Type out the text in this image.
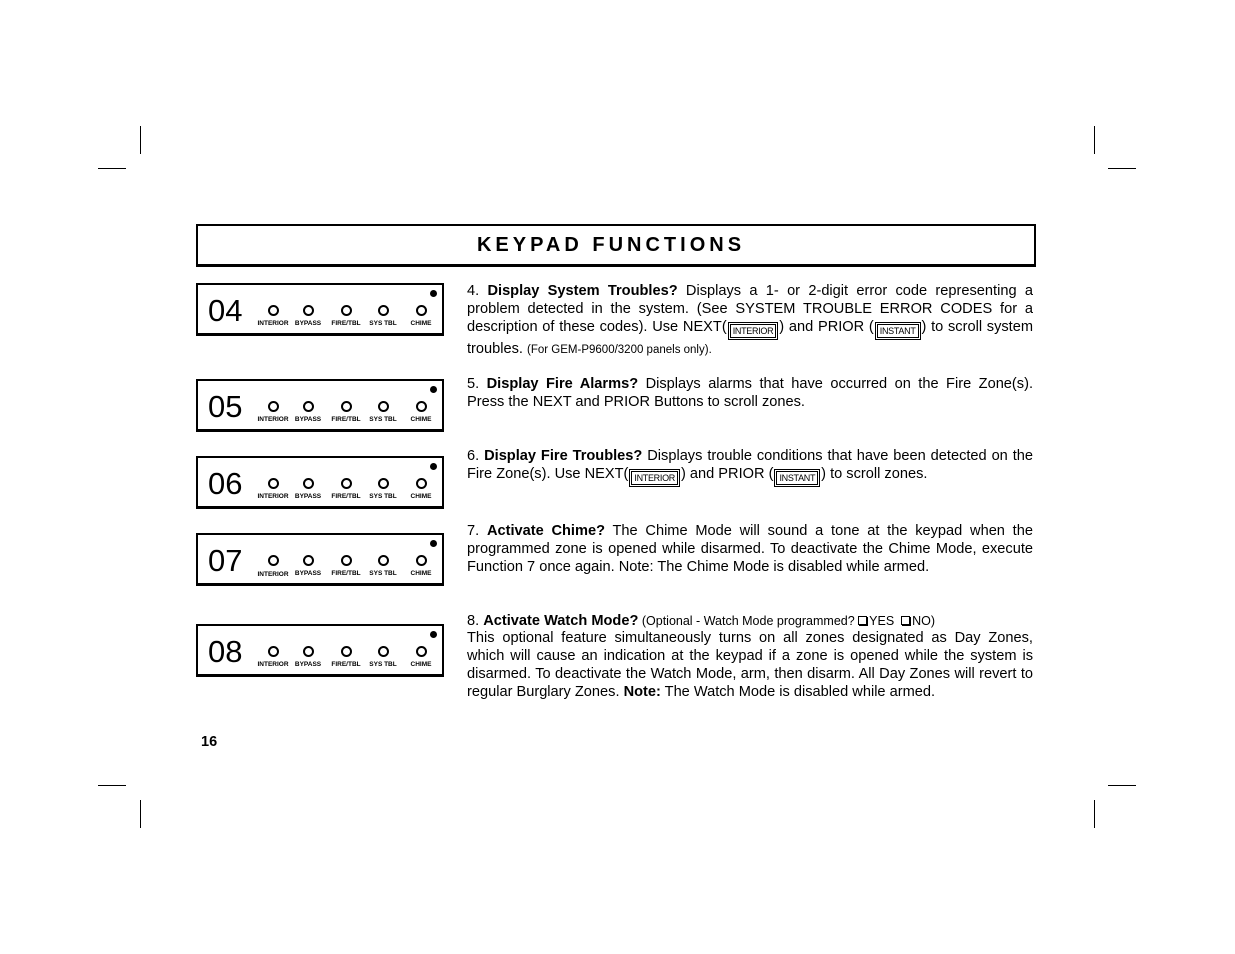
KEYPAD FUNCTIONS
04 INTERIOR BYPASS FIRE/TBL SYS TBL CHIME
05 INTERIOR BYPASS FIRE/TBL SYS TBL CHIME
06 INTERIOR BYPASS FIRE/TBL SYS TBL CHIME
07 INTERIOR BYPASS FIRE/TBL SYS TBL CHIME
08 INTERIOR BYPASS FIRE/TBL SYS TBL CHIME
4. Display System Troubles? Displays a 1- or 2-digit error code representing a problem detected in the system. (See SYSTEM TROUBLE ERROR CODES for a description of these codes). Use NEXT( INTERIOR ) and PRIOR ( INSTANT ) to scroll system troubles. (For GEM-P9600/3200 panels only).
5. Display Fire Alarms? Displays alarms that have occurred on the Fire Zone(s). Press the NEXT and PRIOR Buttons to scroll zones.
6. Display Fire Troubles? Displays trouble conditions that have been detected on the Fire Zone(s). Use NEXT( INTERIOR ) and PRIOR ( INSTANT ) to scroll zones.
7. Activate Chime? The Chime Mode will sound a tone at the keypad when the programmed zone is opened while disarmed. To deactivate the Chime Mode, execute Function 7 once again. Note: The Chime Mode is disabled while armed.
8. Activate Watch Mode? (Optional - Watch Mode programmed? YES NO)
This optional feature simultaneously turns on all zones designated as Day Zones, which will cause an indication at the keypad if a zone is opened while the system is disarmed. To deactivate the Watch Mode, arm, then disarm. All Day Zones will revert to regular Burglary Zones. Note: The Watch Mode is disabled while armed.
16
